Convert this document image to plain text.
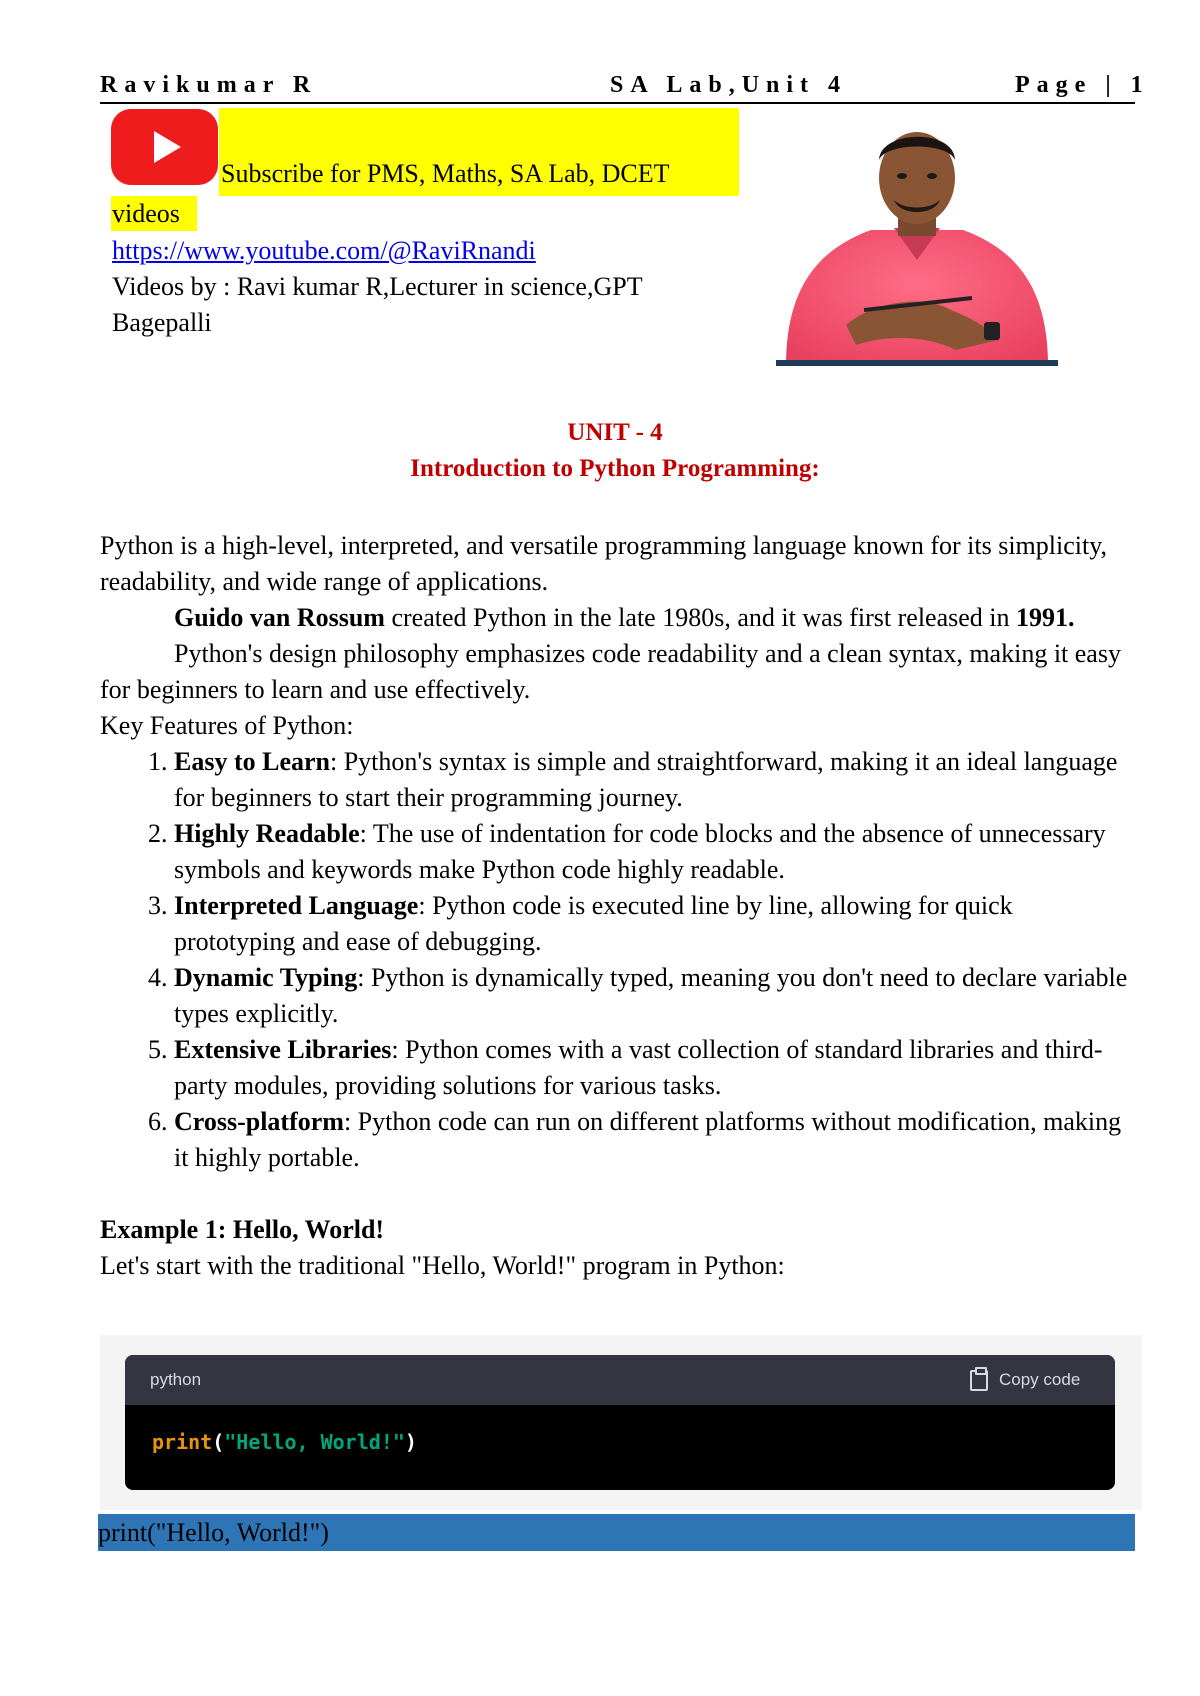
Ravikumar R	SA Lab,Unit 4	Page | 1
Subscribe for PMS, Maths, SA Lab, DCET
videos
https://www.youtube.com/@RaviRnandi
Videos by : Ravi kumar R,Lecturer in science,GPT
Bagepalli
UNIT - 4
Introduction to Python Programming:

Python is a high-level, interpreted, and versatile programming language known for its simplicity, readability, and wide range of applications.

Guido van Rossum created Python in the late 1980s, and it was first released in 1991.

Python's design philosophy emphasizes code readability and a clean syntax, making it easy for beginners to learn and use effectively.

Key Features of Python:

1. Easy to Learn: Python's syntax is simple and straightforward, making it an ideal language for beginners to start their programming journey.
2. Highly Readable: The use of indentation for code blocks and the absence of unnecessary symbols and keywords make Python code highly readable.
3. Interpreted Language: Python code is executed line by line, allowing for quick prototyping and ease of debugging.
4. Dynamic Typing: Python is dynamically typed, meaning you don't need to declare variable types explicitly.
5. Extensive Libraries: Python comes with a vast collection of standard libraries and third-party modules, providing solutions for various tasks.
6. Cross-platform: Python code can run on different platforms without modification, making it highly portable.

Example 1: Hello, World!

Let's start with the traditional "Hello, World!" program in Python:

python	Copy code
print("Hello, World!")
print("Hello, World!")
